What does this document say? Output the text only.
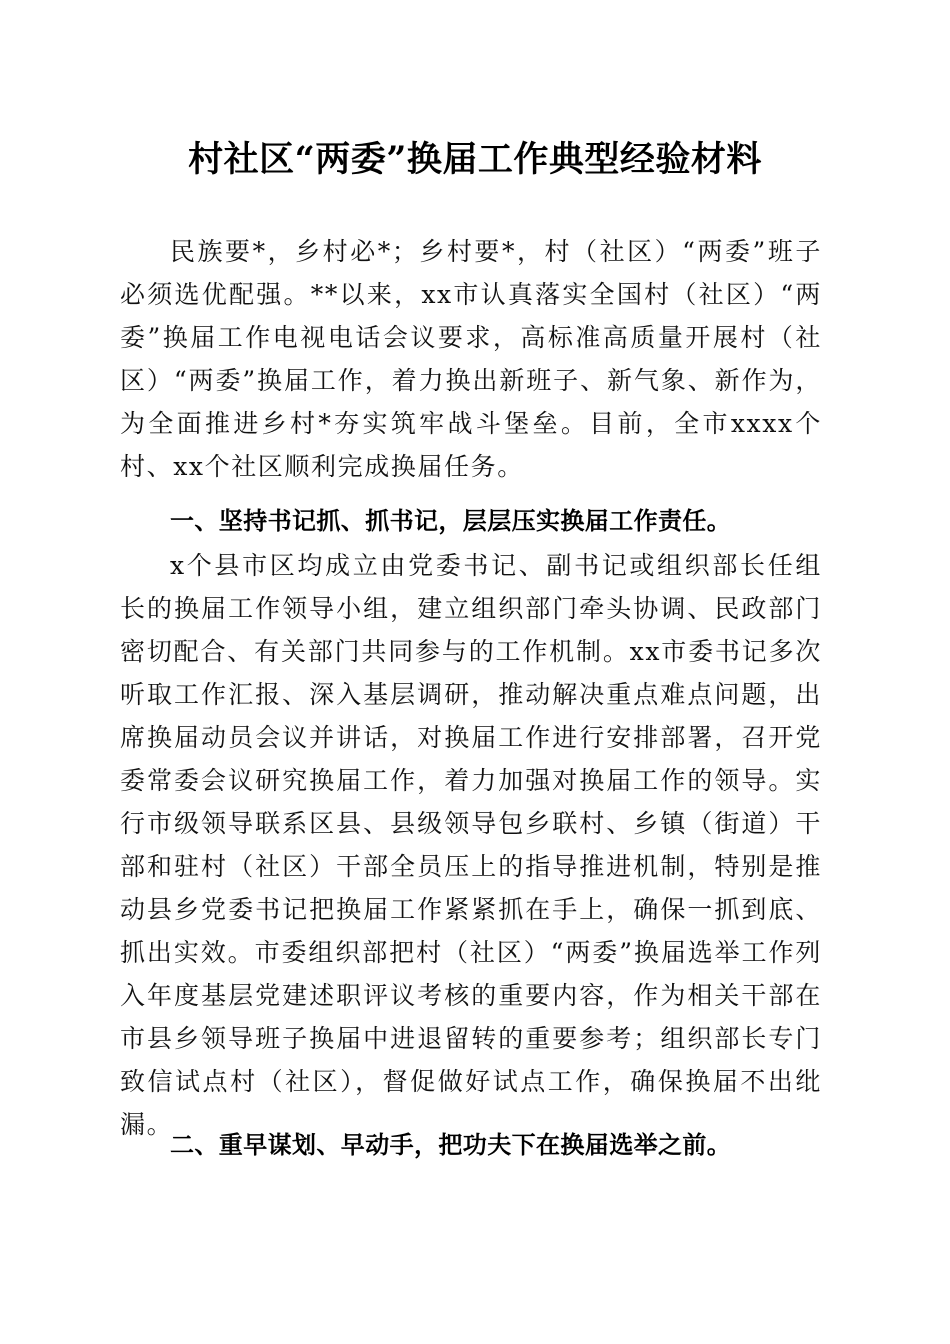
村社区“两委”换届工作典型经验材料

民族要*，乡村必*；乡村要*，村（社区）“两委”班子必须选优配强。**以来，xx市认真落实全国村（社区）“两委”换届工作电视电话会议要求，高标准高质量开展村（社区）“两委”换届工作，着力换出新班子、新气象、新作为，为全面推进乡村*夯实筑牢战斗堡垒。目前，全市xxxx个村、xx个社区顺利完成换届任务。

一、坚持书记抓、抓书记，层层压实换届工作责任。

x个县市区均成立由党委书记、副书记或组织部长任组长的换届工作领导小组，建立组织部门牵头协调、民政部门密切配合、有关部门共同参与的工作机制。xx市委书记多次听取工作汇报、深入基层调研，推动解决重点难点问题，出席换届动员会议并讲话，对换届工作进行安排部署，召开党委常委会议研究换届工作，着力加强对换届工作的领导。实行市级领导联系区县、县级领导包乡联村、乡镇（街道）干部和驻村（社区）干部全员压上的指导推进机制，特别是推动县乡党委书记把换届工作紧紧抓在手上，确保一抓到底、抓出实效。市委组织部把村（社区）“两委”换届选举工作列入年度基层党建述职评议考核的重要内容，作为相关干部在市县乡领导班子换届中进退留转的重要参考；组织部长专门致信试点村（社区），督促做好试点工作，确保换届不出纰漏。

二、重早谋划、早动手，把功夫下在换届选举之前。
